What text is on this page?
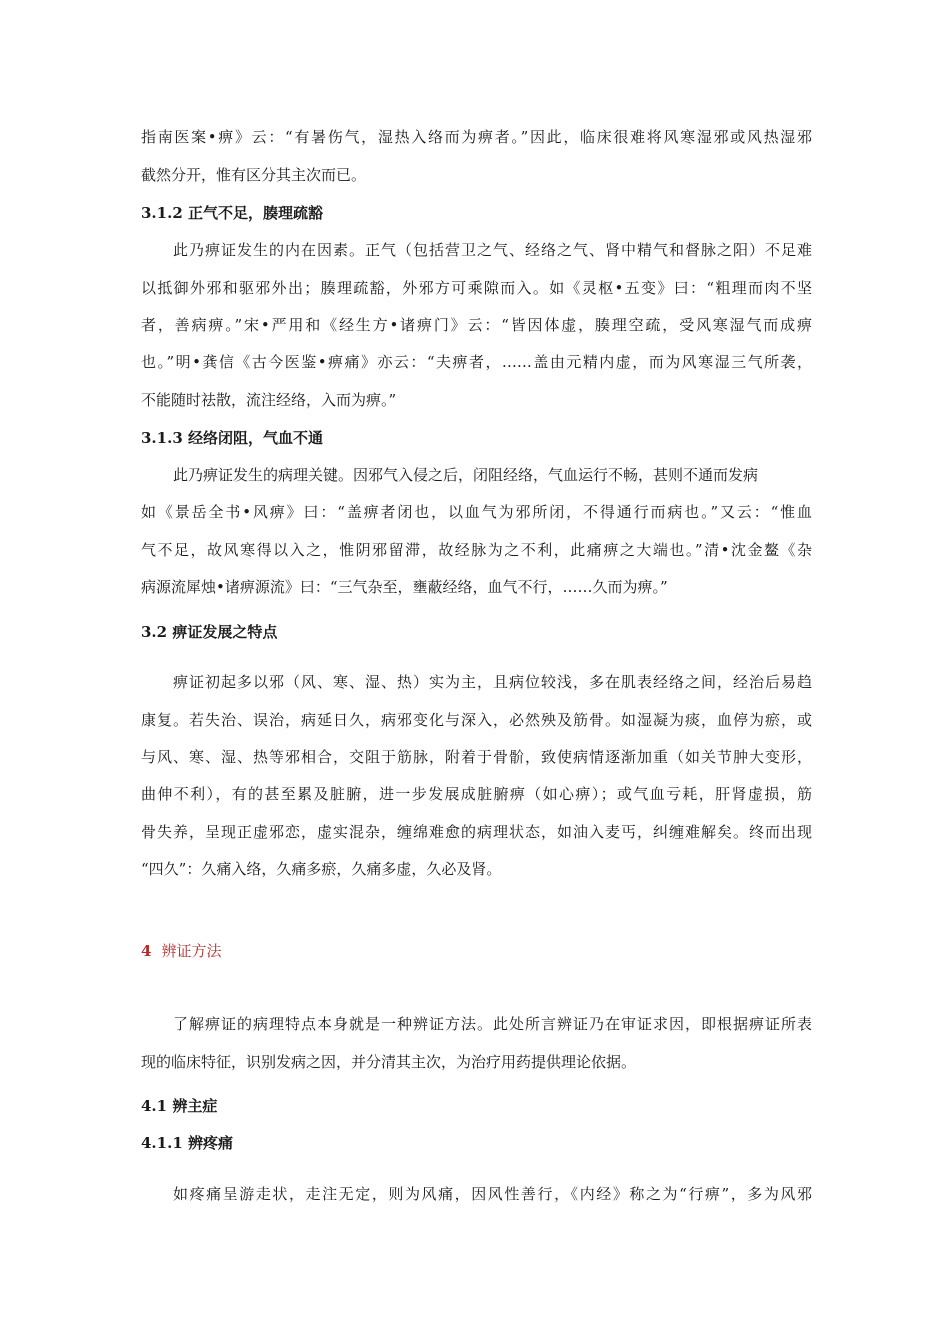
指南医案•痹》云：“有暑伤气，湿热入络而为痹者。”因此，临床很难将风寒湿邪或风热湿邪
截然分开，惟有区分其主次而已。
3.1.2 正气不足，腠理疏豁
此乃痹证发生的内在因素。正气（包括营卫之气、经络之气、肾中精气和督脉之阳）不足难
以抵御外邪和驱邪外出；腠理疏豁，外邪方可乘隙而入。如《灵枢•五变》曰：“粗理而肉不坚
者，善病痹。”宋•严用和《经生方•诸痹门》云：“皆因体虚，腠理空疏，受风寒湿气而成痹
也。”明•龚信《古今医鉴•痹痛》亦云：“夫痹者，……盖由元精内虚，而为风寒湿三气所袭，
不能随时祛散，流注经络，入而为痹。”
3.1.3 经络闭阻，气血不通
此乃痹证发生的病理关键。因邪气入侵之后，闭阻经络，气血运行不畅，甚则不通而发病
如《景岳全书•风痹》曰：“盖痹者闭也，以血气为邪所闭，不得通行而病也。”又云：“惟血
气不足，故风寒得以入之，惟阴邪留滞，故经脉为之不利，此痛痹之大端也。”清•沈金鳌《杂
病源流犀烛•诸痹源流》曰：“三气杂至，壅蔽经络，血气不行，……久而为痹。”
3.2 痹证发展之特点
痹证初起多以邪（风、寒、湿、热）实为主，且病位较浅，多在肌表经络之间，经治后易趋
康复。若失治、误治，病延日久，病邪变化与深入，必然殃及筋骨。如湿凝为痰，血停为瘀，或
与风、寒、湿、热等邪相合，交阻于筋脉，附着于骨骱，致使病情逐渐加重（如关节肿大变形，
曲伸不利），有的甚至累及脏腑，进一步发展成脏腑痹（如心痹）；或气血亏耗，肝肾虚损，筋
骨失养，呈现正虚邪恋，虚实混杂，缠绵难愈的病理状态，如油入麦丐，纠缠难解矣。终而出现
“四久”：久痛入络，久痛多瘀，久痛多虚，久必及肾。
4 辨证方法
了解痹证的病理特点本身就是一种辨证方法。此处所言辨证乃在审证求因，即根据痹证所表
现的临床特征，识别发病之因，并分清其主次，为治疗用药提供理论依据。
4.1 辨主症
4.1.1 辨疼痛
如疼痛呈游走状，走注无定，则为风痛，因风性善行，《内经》称之为“行痹”，多为风邪
